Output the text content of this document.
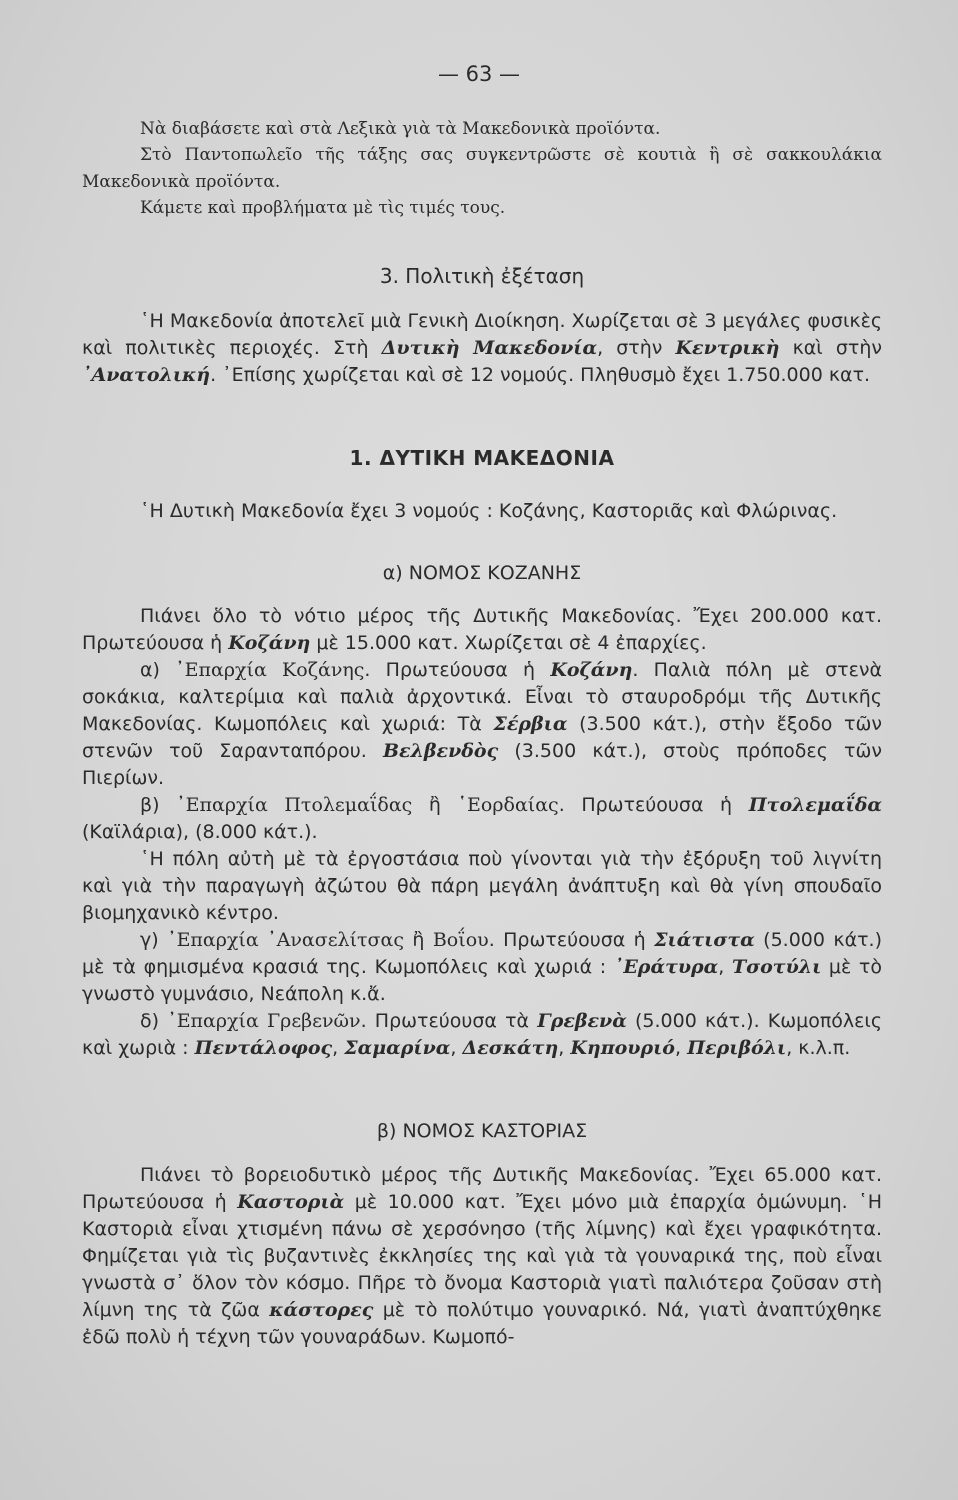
— 63 —

Νὰ διαβάσετε καὶ στὰ Λεξικὰ γιὰ τὰ Μακεδονικὰ προϊόντα.

Στὸ Παντοπωλεῖο τῆς τάξης σας συγκεντρῶστε σὲ κουτιὰ ἢ σὲ σακκουλάκια Μακεδονικὰ προϊόντα.

Κάμετε καὶ προβλήματα μὲ τὶς τιμές τους.

3. Πολιτικὴ ἐξέταση

῾Η Μακεδονία ἀποτελεῖ μιὰ Γενικὴ Διοίκηση. Χωρίζεται σὲ 3 μεγάλες φυσικὲς καὶ πολιτικὲς περιοχές. Στὴ Δυτικὴ Μακεδονία, στὴν Κεντρικὴ καὶ στὴν ᾿Ανατολική. ᾿Επίσης χωρίζεται καὶ σὲ 12 νομούς. Πληθυσμὸ ἔχει 1.750.000 κατ.

1. ΔΥΤΙΚΗ ΜΑΚΕΔΟΝΙΑ

῾Η Δυτικὴ Μακεδονία ἔχει 3 νομούς : Κοζάνης, Καστοριᾶς καὶ Φλώρινας.

α) ΝΟΜΟΣ ΚΟΖΑΝΗΣ

Πιάνει ὅλο τὸ νότιο μέρος τῆς Δυτικῆς Μακεδονίας. Ἔχει 200.000 κατ. Πρωτεύουσα ἡ Κοζάνη μὲ 15.000 κατ. Χωρίζεται σὲ 4 ἐπαρχίες.

α) ᾿Επαρχία Κοζάνης. Πρωτεύουσα ἡ Κοζάνη. Παλιὰ πόλη μὲ στενὰ σοκάκια, καλτερίμια καὶ παλιὰ ἀρχοντικά. Εἶναι τὸ σταυροδρόμι τῆς Δυτικῆς Μακεδονίας. Κωμοπόλεις καὶ χωριά: Τὰ Σέρβια (3.500 κάτ.), στὴν ἔξοδο τῶν στενῶν τοῦ Σαρανταπόρου. Βελβενδὸς (3.500 κάτ.), στοὺς πρόποδες τῶν Πιερίων.

β) ᾿Επαρχία Πτολεμαΐδας ἢ ῾Εορδαίας. Πρωτεύουσα ἡ Πτολεμαΐδα (Καϊλάρια), (8.000 κάτ.).

῾Η πόλη αὐτὴ μὲ τὰ ἐργοστάσια ποὺ γίνονται γιὰ τὴν ἐξόρυξη τοῦ λιγνίτη καὶ γιὰ τὴν παραγωγὴ ἀζώτου θὰ πάρη μεγάλη ἀνάπτυξη καὶ θὰ γίνη σπουδαῖο βιομηχανικὸ κέντρο.

γ) ᾿Επαρχία ᾿Ανασελίτσας ἢ Βοΐου. Πρωτεύουσα ἡ Σιάτιστα (5.000 κάτ.) μὲ τὰ φημισμένα κρασιά της. Κωμοπόλεις καὶ χωριά : ᾿Εράτυρα, Τσοτύλι μὲ τὸ γνωστὸ γυμνάσιο, Νεάπολη κ.ἄ.

δ) ᾿Επαρχία Γρεβενῶν. Πρωτεύουσα τὰ Γρεβενὰ (5.000 κάτ.). Κωμοπόλεις καὶ χωριὰ : Πεντάλοφος, Σαμαρίνα, Δεσκάτη, Κηπουριό, Περιβόλι, κ.λ.π.

β) ΝΟΜΟΣ ΚΑΣΤΟΡΙΑΣ

Πιάνει τὸ βορειοδυτικὸ μέρος τῆς Δυτικῆς Μακεδονίας. Ἔχει 65.000 κατ. Πρωτεύουσα ἡ Καστοριὰ μὲ 10.000 κατ. Ἔχει μόνο μιὰ ἐπαρχία ὁμώνυμη. ῾Η Καστοριὰ εἶναι χτισμένη πάνω σὲ χερσόνησο (τῆς λίμνης) καὶ ἔχει γραφικότητα. Φημίζεται γιὰ τὶς βυζαντινὲς ἐκκλησίες της καὶ γιὰ τὰ γουναρικά της, ποὺ εἶναι γνωστὰ σ᾿ ὅλον τὸν κόσμο. Πῆρε τὸ ὄνομα Καστοριὰ γιατὶ παλιότερα ζοῦσαν στὴ λίμνη της τὰ ζῶα κάστορες μὲ τὸ πολύτιμο γουναρικό. Νά, γιατὶ ἀναπτύχθηκε ἐδῶ πολὺ ἡ τέχνη τῶν γουναράδων. Κωμοπό-
